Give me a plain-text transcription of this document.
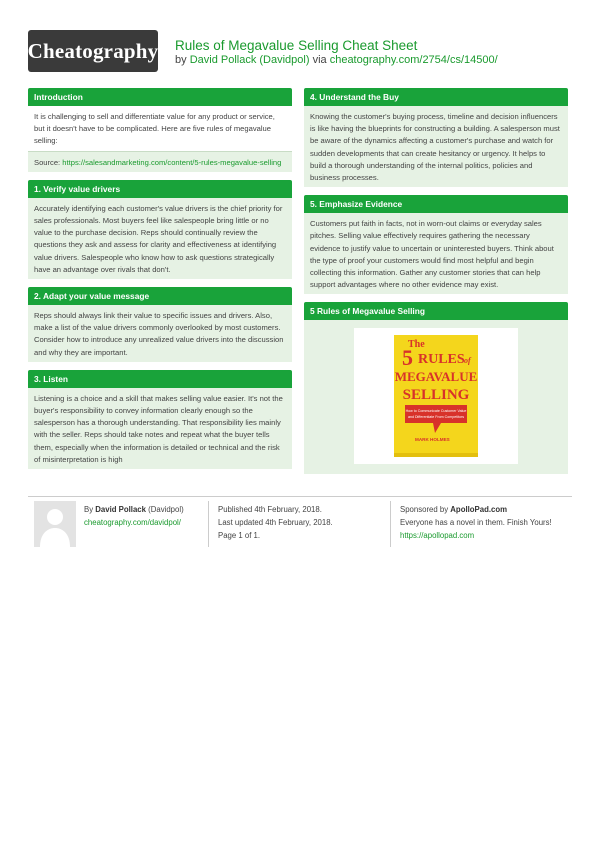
Cheatography Rules of Megavalue Selling Cheat Sheet
by David Pollack (Davidpol) via cheatography.com/2754/cs/14500/
Introduction
It is challenging to sell and differentiate value for any product or service, but it doesn't have to be complicated. Here are five rules of megavalue selling:
Source: https://salesandmarketing.com/content/5-rules-megavalue-selling
1. Verify value drivers
Accurately identifying each customer's value drivers is the chief priority for sales professionals. Most buyers feel like salespeople bring little or no value to the purchase decision. Reps should continually review the questions they ask and assess for clarity and effectiveness at identifying value drivers. Salespeople who know how to ask questions strategically have an advantage over rivals that don't.
2. Adapt your value message
Reps should always link their value to specific issues and drivers. Also, make a list of the value drivers commonly overlooked by most customers. Consider how to introduce any unrealized value drivers into the discussion and why they are important.
3. Listen
Listening is a choice and a skill that makes selling value easier. It's not the buyer's responsibility to convey information clearly enough so the salesperson has a thorough understanding. That responsibility lies mainly with the seller. Reps should take notes and repeat what the buyer tells them, especially when the information is detailed or technical and the risk of misinterpretation is high
4. Understand the Buy
Knowing the customer's buying process, timeline and decision influencers is like having the blueprints for constructing a building. A salesperson must be aware of the dynamics affecting a customer's purchase and watch for sudden developments that can create hesitancy or urgency. It helps to build a thorough understanding of the internal politics, policies and business processes.
5. Emphasize Evidence
Customers put faith in facts, not in worn-out claims or everyday sales pitches. Selling value effectively requires gathering the necessary evidence to justify value to uncertain or uninterested buyers. Think about the type of proof your customers would find most helpful and begin collecting this information. Gather any customer stories that can help support advantages where no other evidence may exist.
5 Rules of Megavalue Selling
The
5 RULES of
MEGAVALUE
SELLING
How to Communicate Customer Value
and Differentiate From Competitors
MARK HOLMES
By David Pollack (Davidpol)
cheatography.com/davidpol/
Published 4th February, 2018.
Last updated 4th February, 2018.
Page 1 of 1.
Sponsored by ApolloPad.com
Everyone has a novel in them. Finish Yours!
https://apollopad.com
